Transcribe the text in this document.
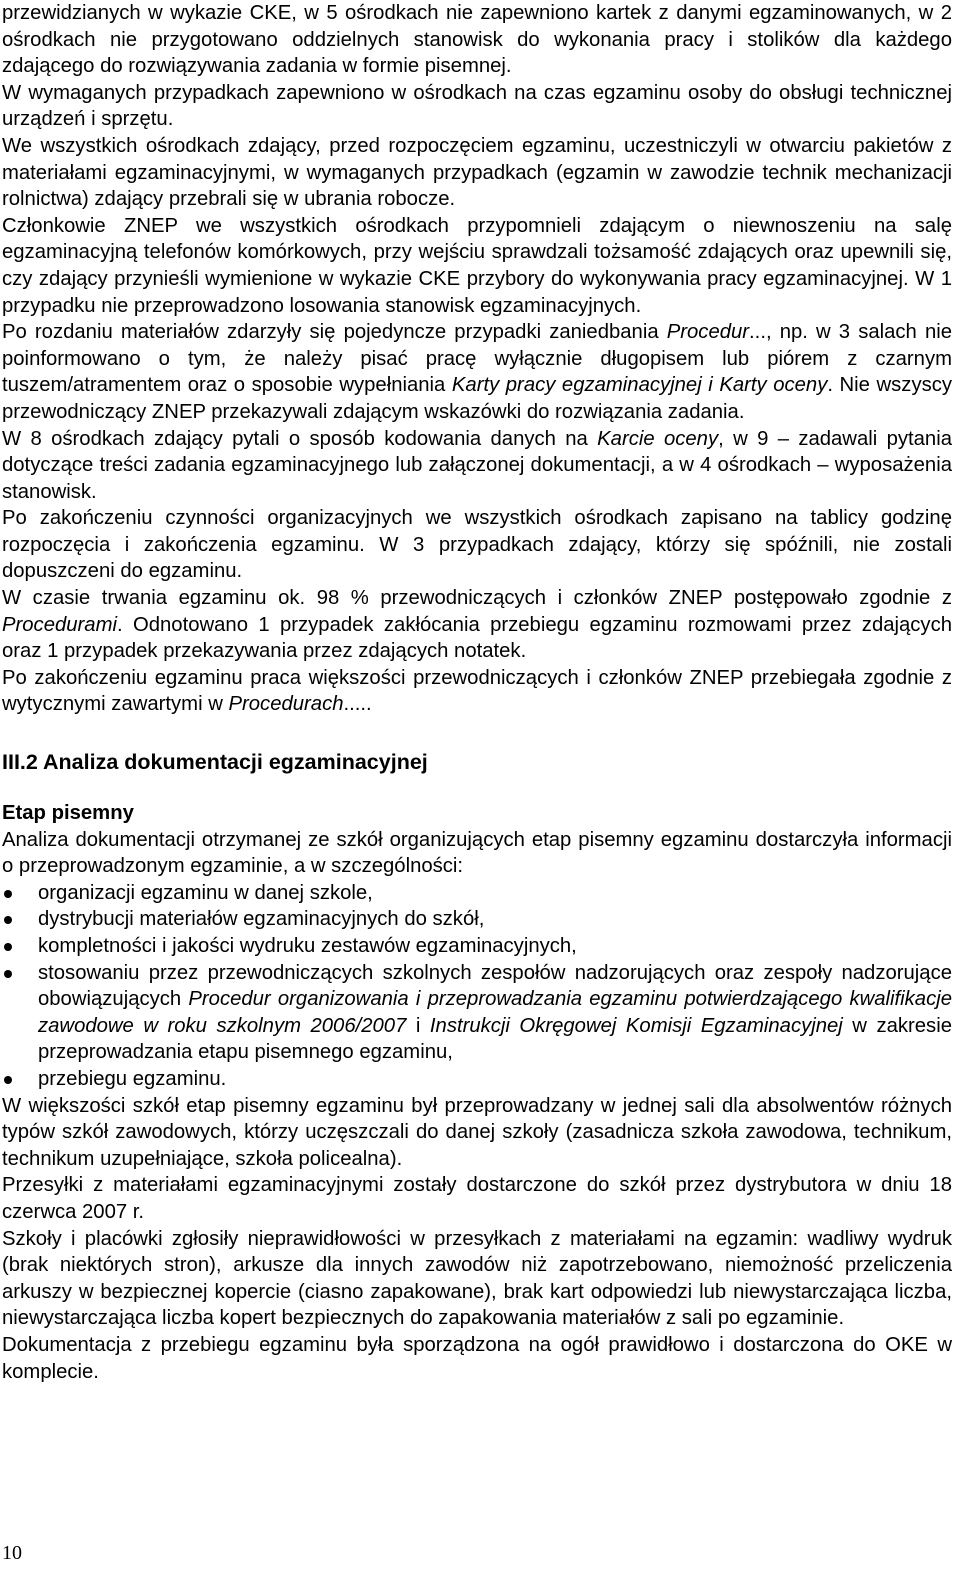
przewidzianych w wykazie CKE, w 5 ośrodkach nie zapewniono kartek z danymi egzaminowanych, w 2 ośrodkach nie przygotowano oddzielnych stanowisk do wykonania pracy i stolików dla każdego zdającego do rozwiązywania zadania w formie pisemnej.

W wymaganych przypadkach zapewniono w ośrodkach na czas egzaminu osoby do obsługi technicznej urządzeń i sprzętu.

We wszystkich ośrodkach zdający, przed rozpoczęciem egzaminu, uczestniczyli w otwarciu pakietów z materiałami egzaminacyjnymi, w wymaganych przypadkach (egzamin w zawodzie technik mechanizacji rolnictwa) zdający przebrali się w ubrania robocze.

Członkowie ZNEP we wszystkich ośrodkach przypomnieli zdającym o niewnoszeniu na salę egzaminacyjną telefonów komórkowych, przy wejściu sprawdzali tożsamość zdających oraz upewnili się, czy zdający przynieśli wymienione w wykazie CKE przybory do wykonywania pracy egzaminacyjnej. W 1 przypadku nie przeprowadzono losowania stanowisk egzaminacyjnych.

Po rozdaniu materiałów zdarzyły się pojedyncze przypadki zaniedbania Procedur..., np. w 3 salach nie poinformowano o tym, że należy pisać pracę wyłącznie długopisem lub piórem z czarnym tuszem/atramentem oraz o sposobie wypełniania Karty pracy egzaminacyjnej i Karty oceny. Nie wszyscy przewodniczący ZNEP przekazywali zdającym wskazówki do rozwiązania zadania.

W 8 ośrodkach zdający pytali o sposób kodowania danych na Karcie oceny, w 9 – zadawali pytania dotyczące treści zadania egzaminacyjnego lub załączonej dokumentacji, a w 4 ośrodkach – wyposażenia stanowisk.

Po zakończeniu czynności organizacyjnych we wszystkich ośrodkach zapisano na tablicy godzinę rozpoczęcia i zakończenia egzaminu. W 3 przypadkach zdający, którzy się spóźnili, nie zostali dopuszczeni do egzaminu.

W czasie trwania egzaminu ok. 98 % przewodniczących i członków ZNEP postępowało zgodnie z Procedurami. Odnotowano 1 przypadek zakłócania przebiegu egzaminu rozmowami przez zdających oraz 1 przypadek przekazywania przez zdających notatek.

Po zakończeniu egzaminu praca większości przewodniczących i członków ZNEP przebiegała zgodnie z wytycznymi zawartymi w Procedurach.....

III.2 Analiza dokumentacji egzaminacyjnej
Etap pisemny

Analiza dokumentacji otrzymanej ze szkół organizujących etap pisemny egzaminu dostarczyła informacji o przeprowadzonym egzaminie, a w szczególności:

organizacji egzaminu w danej szkole,
dystrybucji materiałów egzaminacyjnych do szkół,
kompletności i jakości wydruku zestawów egzaminacyjnych,
stosowaniu przez przewodniczących szkolnych zespołów nadzorujących oraz zespoły nadzorujące obowiązujących Procedur organizowania i przeprowadzania egzaminu potwierdzającego kwalifikacje zawodowe w roku szkolnym 2006/2007 i Instrukcji Okręgowej Komisji Egzaminacyjnej w zakresie przeprowadzania etapu pisemnego egzaminu,
przebiegu egzaminu.

W większości szkół etap pisemny egzaminu był przeprowadzany w jednej sali dla absolwentów różnych typów szkół zawodowych, którzy uczęszczali do danej szkoły (zasadnicza szkoła zawodowa, technikum, technikum uzupełniające, szkoła policealna).

Przesyłki z materiałami egzaminacyjnymi zostały dostarczone do szkół przez dystrybutora w dniu 18 czerwca 2007 r.

Szkoły i placówki zgłosiły nieprawidłowości w przesyłkach z materiałami na egzamin: wadliwy wydruk (brak niektórych stron), arkusze dla innych zawodów niż zapotrzebowano, niemożność przeliczenia arkuszy w bezpiecznej kopercie (ciasno zapakowane), brak kart odpowiedzi lub niewystarczająca liczba, niewystarczająca liczba kopert bezpiecznych do zapakowania materiałów z sali po egzaminie.

Dokumentacja z przebiegu egzaminu była sporządzona na ogół prawidłowo i dostarczona do OKE w komplecie.

10
